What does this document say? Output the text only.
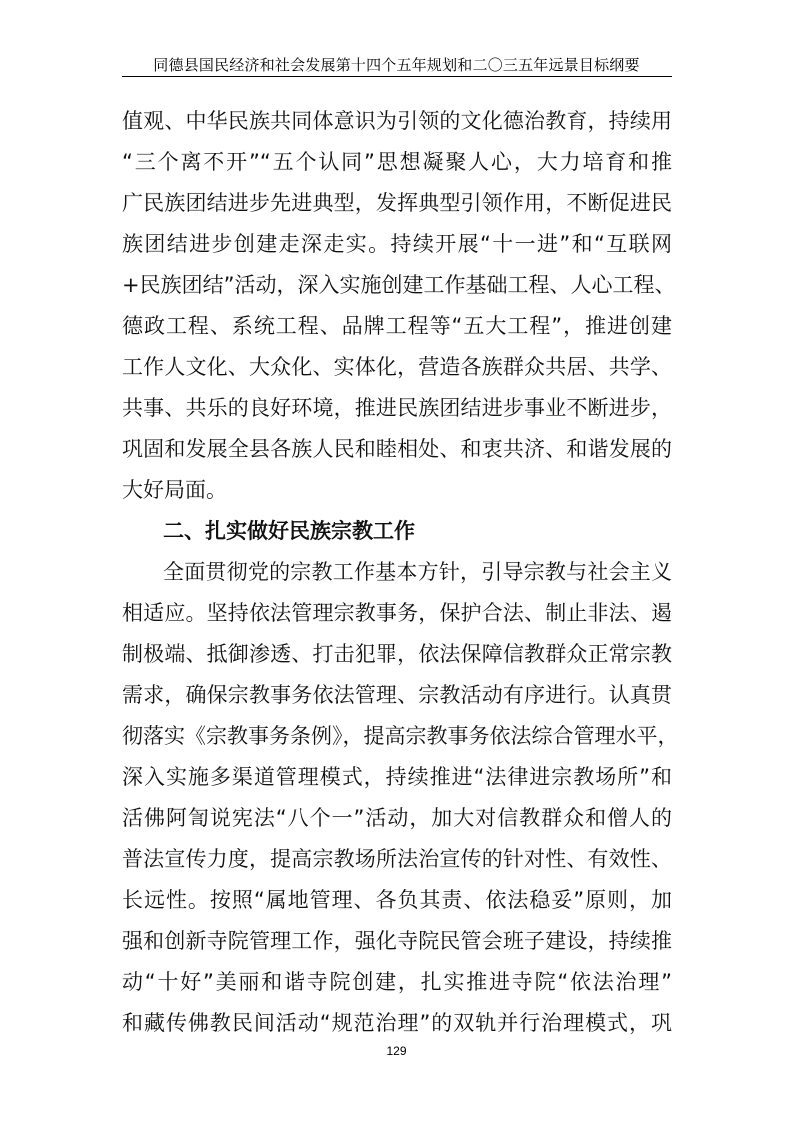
同德县国民经济和社会发展第十四个五年规划和二〇三五年远景目标纲要
值观、中华民族共同体意识为引领的文化德治教育，持续用
“三个离不开”“五个认同”思想凝聚人心，大力培育和推
广民族团结进步先进典型，发挥典型引领作用，不断促进民
族团结进步创建走深走实。持续开展“十一进”和“互联网
+民族团结”活动，深入实施创建工作基础工程、人心工程、
德政工程、系统工程、品牌工程等“五大工程”，推进创建
工作人文化、大众化、实体化，营造各族群众共居、共学、
共事、共乐的良好环境，推进民族团结进步事业不断进步，
巩固和发展全县各族人民和睦相处、和衷共济、和谐发展的
大好局面。
二、扎实做好民族宗教工作
全面贯彻党的宗教工作基本方针，引导宗教与社会主义
相适应。坚持依法管理宗教事务，保护合法、制止非法、遏
制极端、抵御渗透、打击犯罪，依法保障信教群众正常宗教
需求，确保宗教事务依法管理、宗教活动有序进行。认真贯
彻落实《宗教事务条例》，提高宗教事务依法综合管理水平，
深入实施多渠道管理模式，持续推进“法律进宗教场所”和
活佛阿訇说宪法“八个一”活动，加大对信教群众和僧人的
普法宣传力度，提高宗教场所法治宣传的针对性、有效性、
长远性。按照“属地管理、各负其责、依法稳妥”原则，加
强和创新寺院管理工作，强化寺院民管会班子建设，持续推
动“十好”美丽和谐寺院创建，扎实推进寺院“依法治理”
和藏传佛教民间活动“规范治理”的双轨并行治理模式，巩
129
